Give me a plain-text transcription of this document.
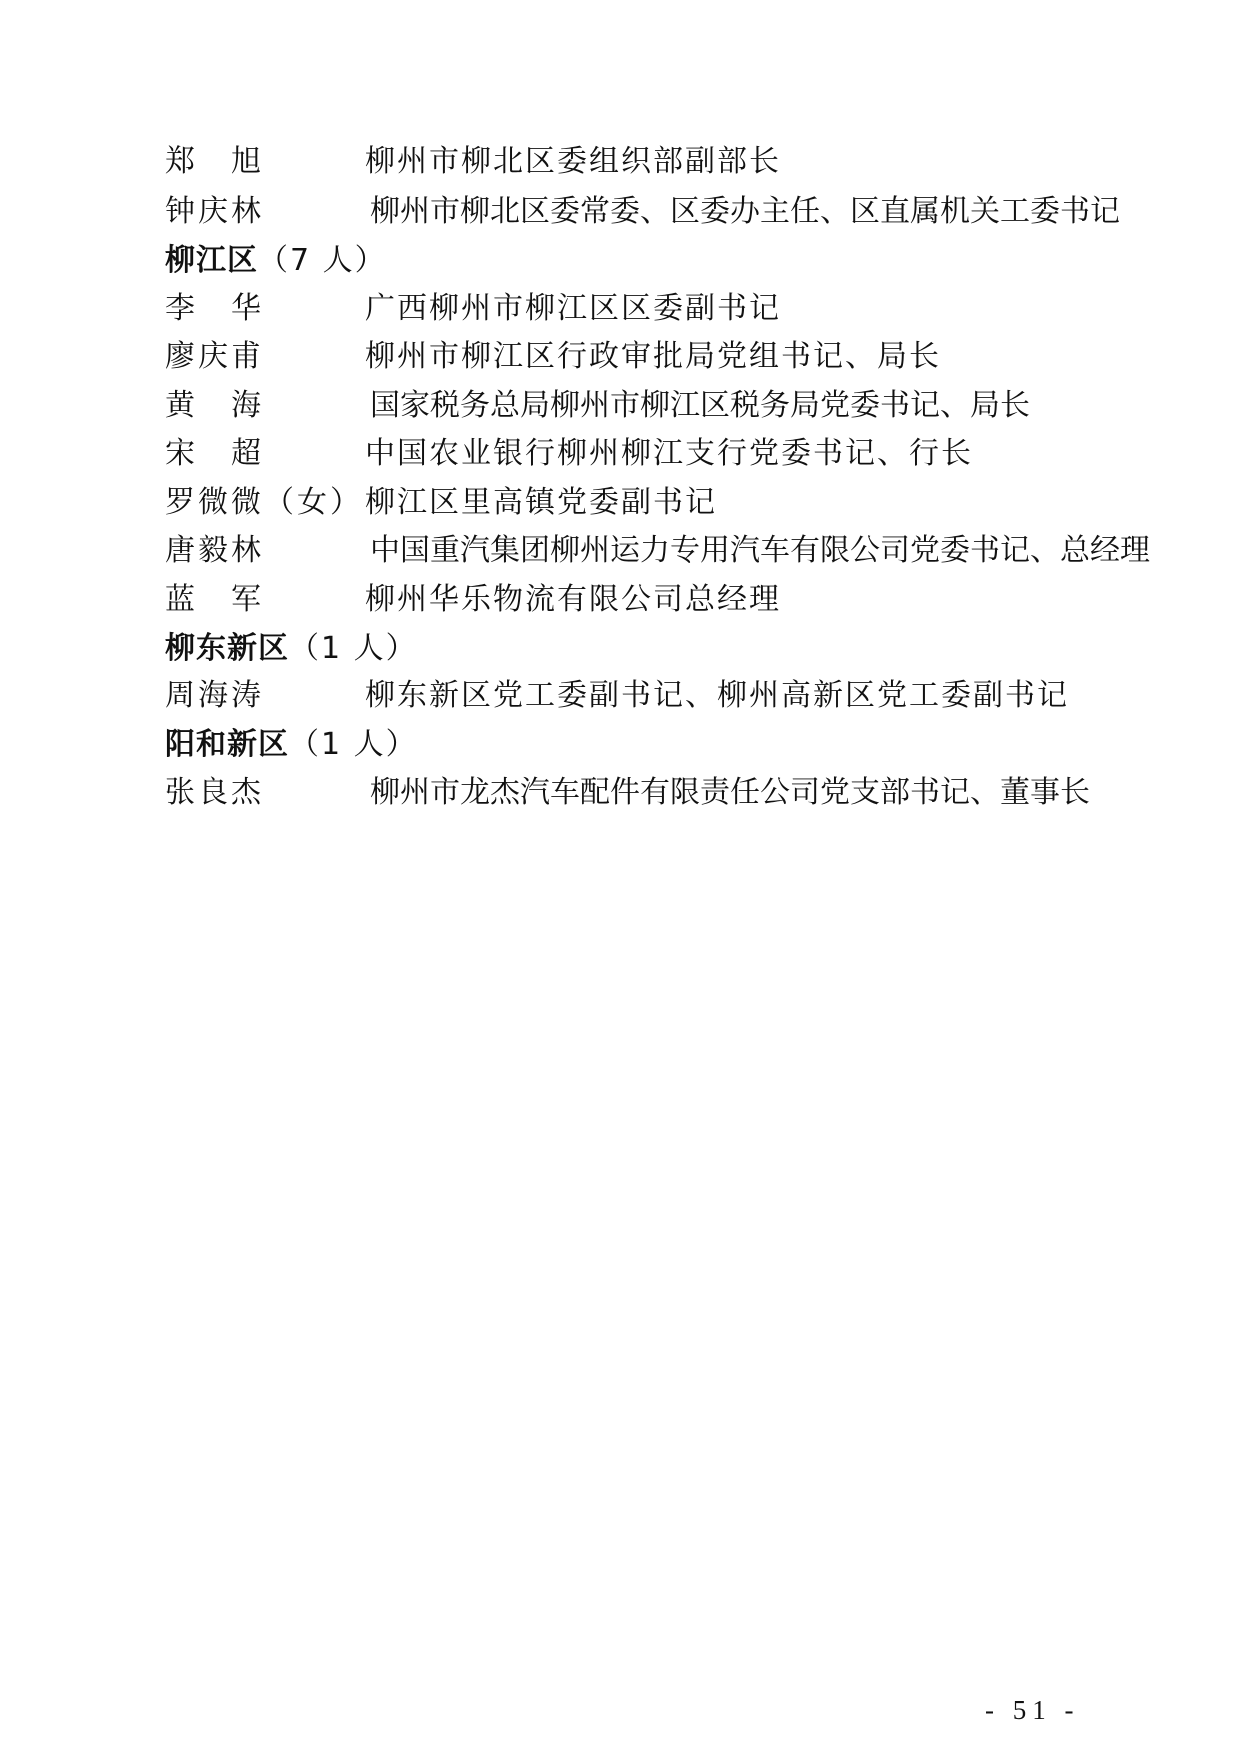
郑　旭	柳州市柳北区委组织部副部长
钟庆林	柳州市柳北区委常委、区委办主任、区直属机关工委书记
柳江区（7 人）
李　华	广西柳州市柳江区区委副书记
廖庆甫	柳州市柳江区行政审批局党组书记、局长
黄　海	国家税务总局柳州市柳江区税务局党委书记、局长
宋　超	中国农业银行柳州柳江支行党委书记、行长
罗微微（女） 柳江区里高镇党委副书记
唐毅林	中国重汽集团柳州运力专用汽车有限公司党委书记、总经理
蓝　军	柳州华乐物流有限公司总经理
柳东新区（1 人）
周海涛	柳东新区党工委副书记、柳州高新区党工委副书记
阳和新区（1 人）
张良杰	柳州市龙杰汽车配件有限责任公司党支部书记、董事长
- 51 -
